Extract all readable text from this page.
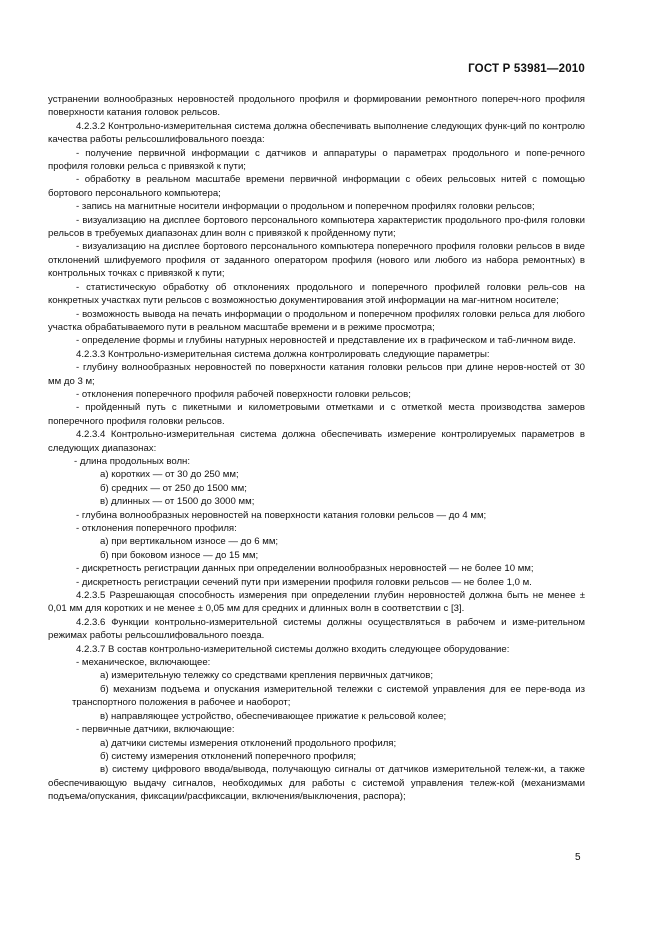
ГОСТ Р 53981—2010

устранении волнообразных неровностей продольного профиля и формировании ремонтного попереч-ного профиля поверхности катания головок рельсов.

4.2.3.2 Контрольно-измерительная система должна обеспечивать выполнение следующих функ-ций по контролю качества работы рельсошлифовального поезда:

- получение первичной информации с датчиков и аппаратуры о параметрах продольного и попе-речного профиля головки рельса с привязкой к пути;

- обработку в реальном масштабе времени первичной информации с обеих рельсовых нитей с помощью бортового персонального компьютера;

- запись на магнитные носители информации о продольном и поперечном профилях головки рельсов;

- визуализацию на дисплее бортового персонального компьютера характеристик продольного про-филя головки рельсов в требуемых диапазонах длин волн с привязкой к пройденному пути;

- визуализацию на дисплее бортового персонального компьютера поперечного профиля головки рельсов в виде отклонений шлифуемого профиля от заданного оператором профиля (нового или любого из набора ремонтных) в контрольных точках с привязкой к пути;

- статистическую обработку об отклонениях продольного и поперечного профилей головки рель-сов на конкретных участках пути рельсов с возможностью документирования этой информации на маг-нитном носителе;

- возможность вывода на печать информации о продольном и поперечном профилях головки рельса для любого участка обрабатываемого пути в реальном масштабе времени и в режиме просмотра;

- определение формы и глубины натурных неровностей и представление их в графическом и таб-личном виде.

4.2.3.3 Контрольно-измерительная система должна контролировать следующие параметры:

- глубину волнообразных неровностей по поверхности катания головки рельсов при длине неров-ностей от 30 мм до 3 м;

- отклонения поперечного профиля рабочей поверхности головки рельсов;

- пройденный путь с пикетными и километровыми отметками и с отметкой места производства замеров поперечного профиля головки рельсов.

4.2.3.4 Контрольно-измерительная система должна обеспечивать измерение контролируемых параметров в следующих диапазонах:

- длина продольных волн:

а) коротких — от 30 до 250 мм;

б) средних — от 250 до 1500 мм;

в) длинных — от 1500 до 3000 мм;

- глубина волнообразных неровностей на поверхности катания головки рельсов — до 4 мм;

- отклонения поперечного профиля:

а) при вертикальном износе — до 6 мм;

б) при боковом износе — до 15 мм;

- дискретность регистрации данных при определении волнообразных неровностей — не более 10 мм;

- дискретность регистрации сечений пути при измерении профиля головки рельсов — не более 1,0 м.

4.2.3.5 Разрешающая способность измерения при определении глубин неровностей должна быть не менее ± 0,01 мм для коротких и не менее ± 0,05 мм для средних и длинных волн в соответствии с [3].

4.2.3.6 Функции контрольно-измерительной системы должны осуществляться в рабочем и изме-рительном режимах работы рельсошлифовального поезда.

4.2.3.7 В состав контрольно-измерительной системы должно входить следующее оборудование:

- механическое, включающее:

а) измерительную тележку со средствами крепления первичных датчиков;

б) механизм подъема и опускания измерительной тележки с системой управления для ее пере-вода из транспортного положения в рабочее и наоборот;

в) направляющее устройство, обеспечивающее прижатие к рельсовой колее;

- первичные датчики, включающие:

а) датчики системы измерения отклонений продольного профиля;

б) систему измерения отклонений поперечного профиля;

в) систему цифрового ввода/вывода, получающую сигналы от датчиков измерительной тележ-ки, а также обеспечивающую выдачу сигналов, необходимых для работы с системой управления тележ-кой (механизмами подъема/опускания, фиксации/расфиксации, включения/выключения, распора);

5
